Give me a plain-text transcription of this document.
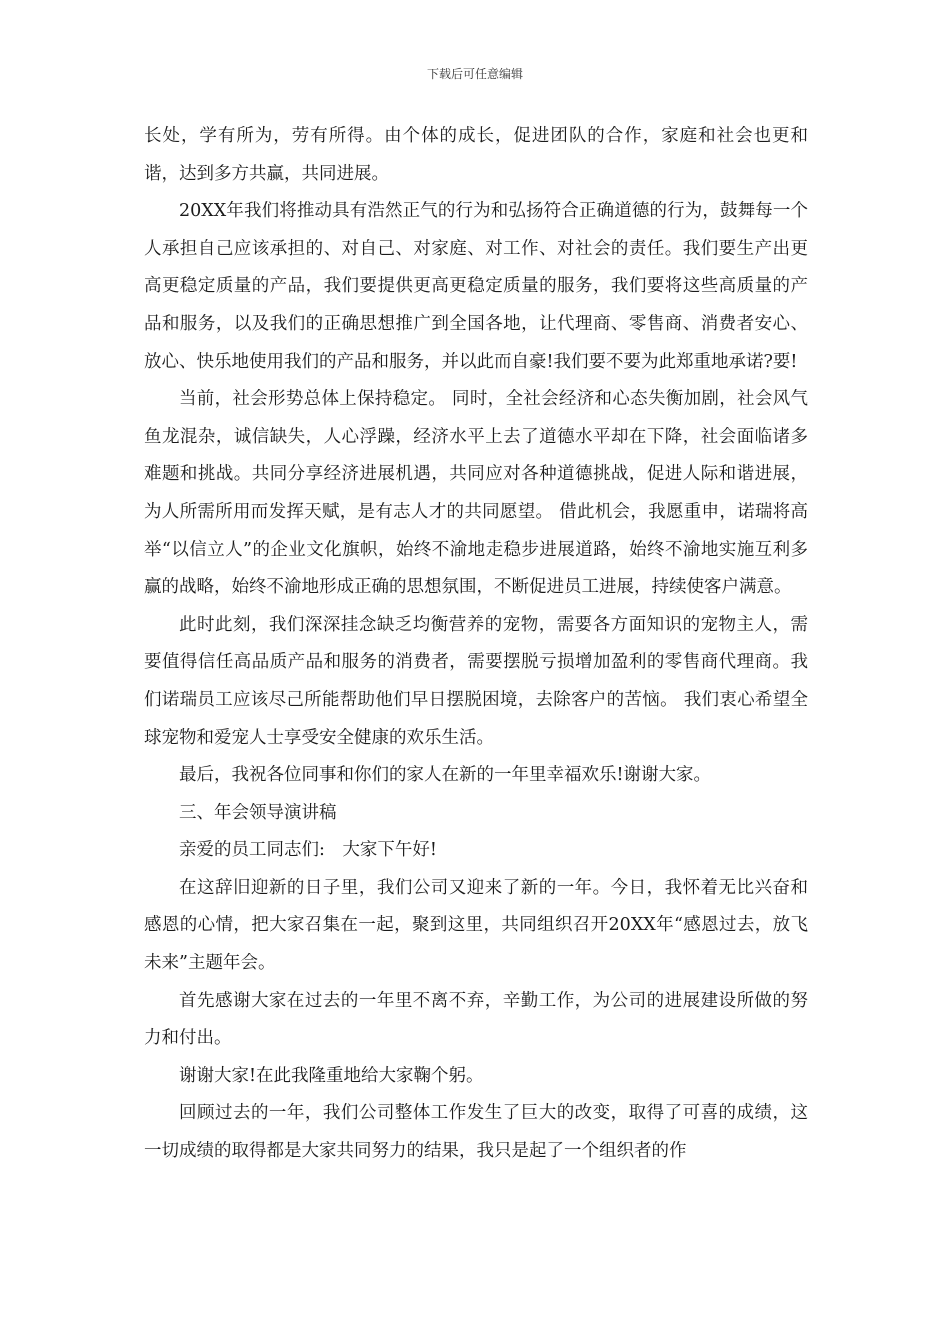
下载后可任意编辑

长处，学有所为，劳有所得。由个体的成长，促进团队的合作，家庭和社会也更和谐，达到多方共赢，共同进展。

20XX年我们将推动具有浩然正气的行为和弘扬符合正确道德的行为，鼓舞每一个人承担自己应该承担的、对自己、对家庭、对工作、对社会的责任。我们要生产出更高更稳定质量的产品，我们要提供更高更稳定质量的服务，我们要将这些高质量的产品和服务，以及我们的正确思想推广到全国各地，让代理商、零售商、消费者安心、放心、快乐地使用我们的产品和服务，并以此而自豪!我们要不要为此郑重地承诺?要!

当前，社会形势总体上保持稳定。 同时，全社会经济和心态失衡加剧，社会风气鱼龙混杂，诚信缺失，人心浮躁，经济水平上去了道德水平却在下降，社会面临诸多难题和挑战。共同分享经济进展机遇，共同应对各种道德挑战，促进人际和谐进展，为人所需所用而发挥天赋，是有志人才的共同愿望。 借此机会，我愿重申，诺瑞将高举“以信立人”的企业文化旗帜，始终不渝地走稳步进展道路，始终不渝地实施互利多赢的战略，始终不渝地形成正确的思想氛围，不断促进员工进展，持续使客户满意。

此时此刻，我们深深挂念缺乏均衡营养的宠物，需要各方面知识的宠物主人，需要值得信任高品质产品和服务的消费者，需要摆脱亏损增加盈利的零售商代理商。我们诺瑞员工应该尽己所能帮助他们早日摆脱困境，去除客户的苦恼。 我们衷心希望全球宠物和爱宠人士享受安全健康的欢乐生活。

最后，我祝各位同事和你们的家人在新的一年里幸福欢乐!谢谢大家。

三、年会领导演讲稿

亲爱的员工同志们:　大家下午好!

在这辞旧迎新的日子里，我们公司又迎来了新的一年。今日，我怀着无比兴奋和感恩的心情，把大家召集在一起，聚到这里，共同组织召开20XX年“感恩过去，放飞未来”主题年会。

首先感谢大家在过去的一年里不离不弃，辛勤工作，为公司的进展建设所做的努力和付出。

谢谢大家!在此我隆重地给大家鞠个躬。

回顾过去的一年，我们公司整体工作发生了巨大的改变，取得了可喜的成绩，这一切成绩的取得都是大家共同努力的结果，我只是起了一个组织者的作
